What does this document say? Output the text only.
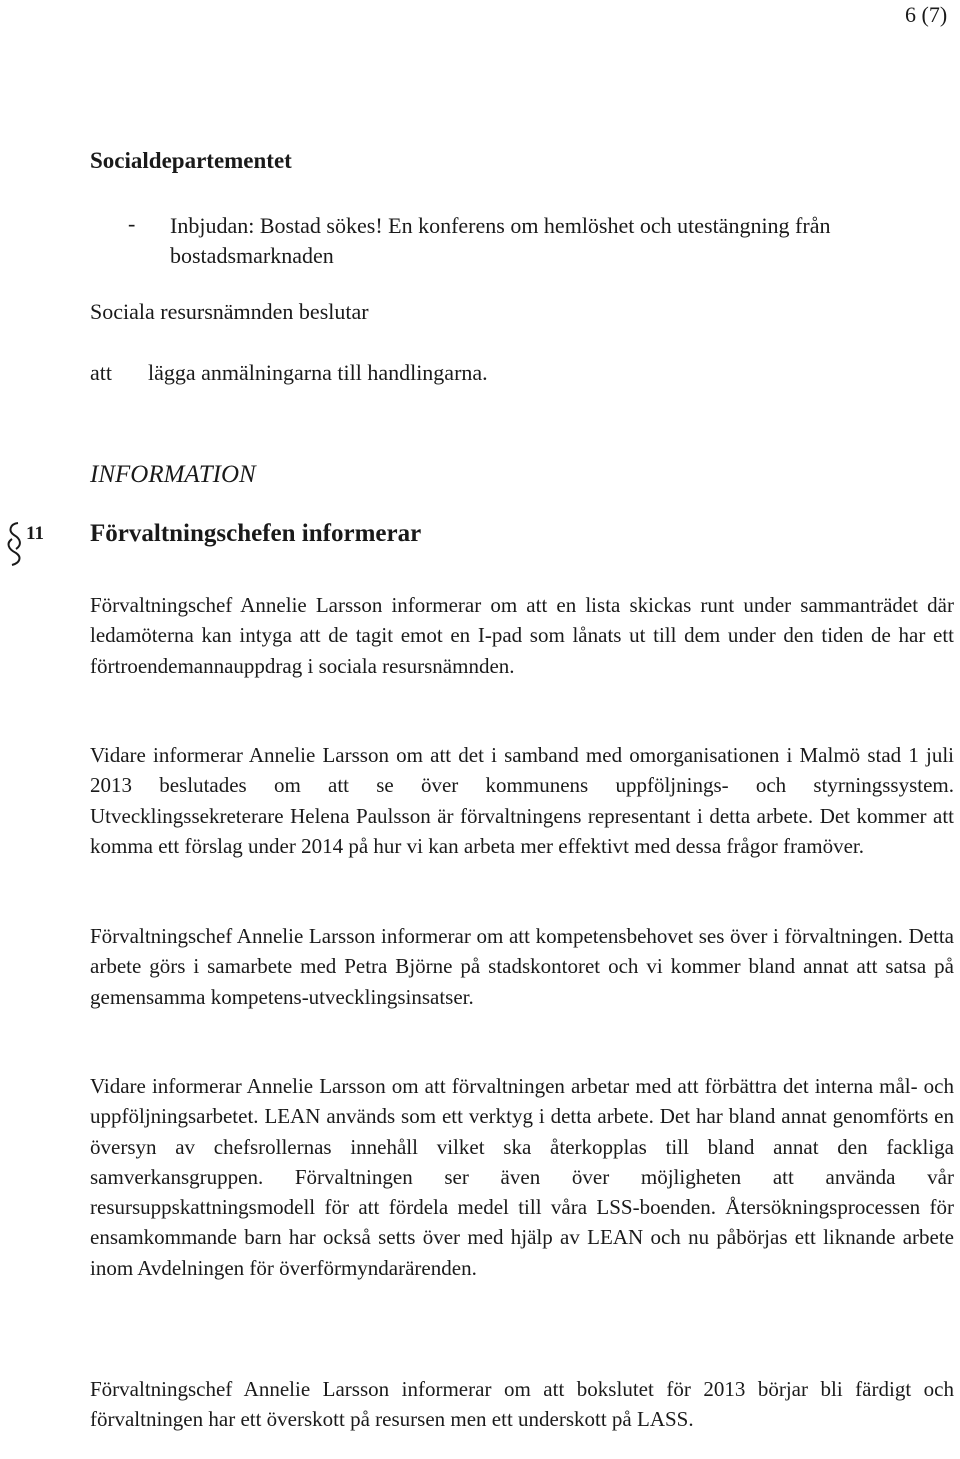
6 (7)
Socialdepartementet
- Inbjudan: Bostad sökes! En konferens om hemlöshet och utestängning från bostadsmarknaden
Sociala resursnämnden beslutar
att lägga anmälningarna till handlingarna.
INFORMATION
11 Förvaltningschefen informerar
Förvaltningschef Annelie Larsson informerar om att en lista skickas runt under sammanträdet där ledamöterna kan intyga att de tagit emot en I-pad som lånats ut till dem under den tiden de har ett förtroendemannauppdrag i sociala resursnämnden.
Vidare informerar Annelie Larsson om att det i samband med omorganisationen i Malmö stad 1 juli 2013 beslutades om att se över kommunens uppföljnings- och styrningssystem. Utvecklingssekreterare Helena Paulsson är förvaltningens representant i detta arbete. Det kommer att komma ett förslag under 2014 på hur vi kan arbeta mer effektivt med dessa frågor framöver.
Förvaltningschef Annelie Larsson informerar om att kompetensbehovet ses över i förvaltningen. Detta arbete görs i samarbete med Petra Björne på stadskontoret och vi kommer bland annat att satsa på gemensamma kompetens-utvecklingsinsatser.
Vidare informerar Annelie Larsson om att förvaltningen arbetar med att förbättra det interna mål- och uppföljningsarbetet. LEAN används som ett verktyg i detta arbete. Det har bland annat genomförts en översyn av chefsrollernas innehåll vilket ska återkopplas till bland annat den fackliga samverkansgruppen. Förvaltningen ser även över möjligheten att använda vår resursuppskattningsmodell för att fördela medel till våra LSS-boenden. Återsökningsprocessen för ensamkommande barn har också setts över med hjälp av LEAN och nu påbörjas ett liknande arbete inom Avdelningen för överförmyndarärenden.
Förvaltningschef Annelie Larsson informerar om att bokslutet för 2013 börjar bli färdigt och förvaltningen har ett överskott på resursen men ett underskott på LASS.
